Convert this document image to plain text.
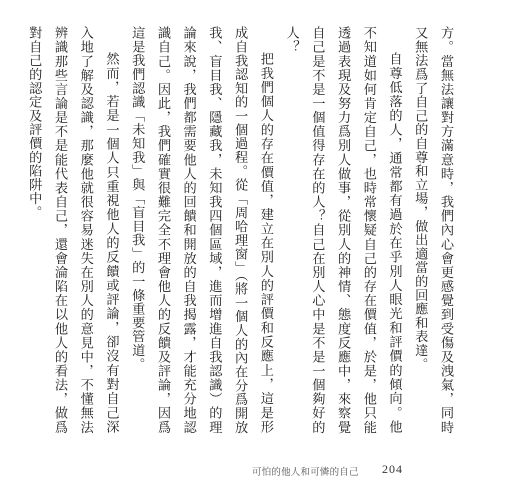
方。當無法讓對方滿意時，我們內心會更感覺到受傷及洩氣，同時又無法爲了自己的自尊和立場，做出適當的回應和表達。

自尊低落的人，通常都有過於在乎別人眼光和評價的傾向。他不知道如何肯定自己，也時常懷疑自己的存在價值，於是，他只能透過表現及努力爲別人做事，從別人的神情、態度反應中，來察覺自己是不是一個值得存在的人？自己在別人心中是不是一個夠好的人？

把我們個人的存在價值，建立在別人的評價和反應上，這是形成自我認知的一個過程。從「周哈理窗」（將一個人的內在分爲開放我、盲目我、隱藏我，未知我四個區域，進而增進自我認識）的理論來說，我們都需要他人的回饋和開放的自我揭露，才能充分地認識自己。因此，我們確實很難完全不理會他人的反饋及評論，因爲這是我們認識「未知我」與「盲目我」的一條重要管道。

然而，若是一個人只重視他人的反饋或評論，卻沒有對自己深入地了解及認識，那麼他就很容易迷失在別人的意見中，不懂無法辨識那些言論是不是能代表自己，還會淪陷在以他人的看法，做爲對自己的認定及評價的陷阱中。

可怕的他人和可憐的自己 204
